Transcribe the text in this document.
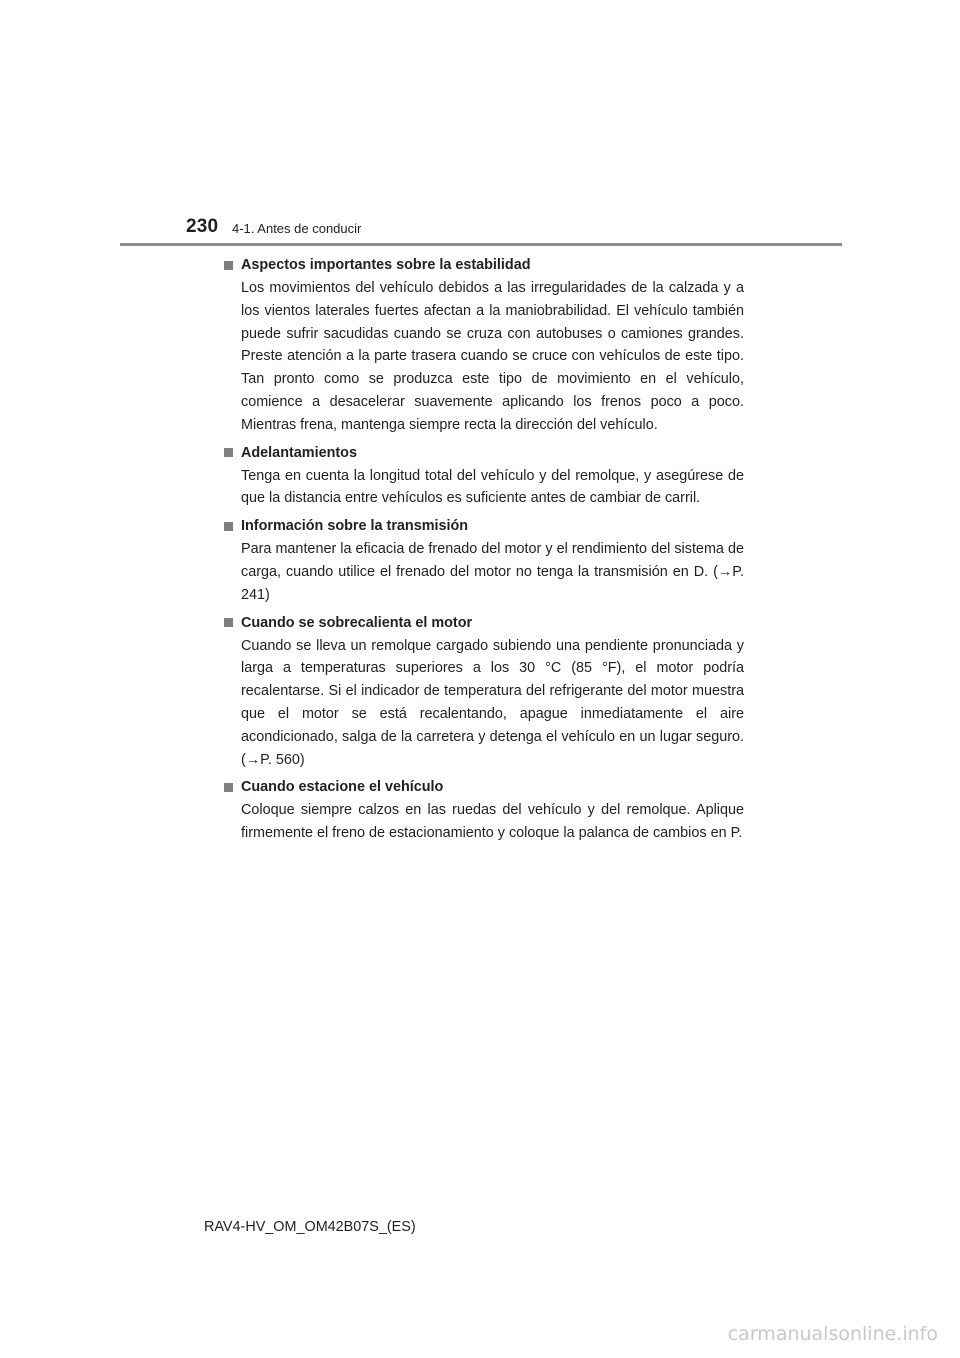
230 4-1. Antes de conducir
Aspectos importantes sobre la estabilidad

Los movimientos del vehículo debidos a las irregularidades de la calzada y a los vientos laterales fuertes afectan a la maniobrabilidad. El vehículo también puede sufrir sacudidas cuando se cruza con autobuses o camiones grandes. Preste atención a la parte trasera cuando se cruce con vehículos de este tipo. Tan pronto como se produzca este tipo de movimiento en el vehículo, comience a desacelerar suavemente aplicando los frenos poco a poco. Mientras frena, mantenga siempre recta la dirección del vehículo.

Adelantamientos

Tenga en cuenta la longitud total del vehículo y del remolque, y asegúrese de que la distancia entre vehículos es suficiente antes de cambiar de carril.

Información sobre la transmisión

Para mantener la eficacia de frenado del motor y el rendimiento del sistema de carga, cuando utilice el frenado del motor no tenga la transmisión en D. (→P. 241)

Cuando se sobrecalienta el motor

Cuando se lleva un remolque cargado subiendo una pendiente pronunciada y larga a temperaturas superiores a los 30 °C (85 °F), el motor podría recalentarse. Si el indicador de temperatura del refrigerante del motor muestra que el motor se está recalentando, apague inmediatamente el aire acondicionado, salga de la carretera y detenga el vehículo en un lugar seguro. (→P. 560)

Cuando estacione el vehículo

Coloque siempre calzos en las ruedas del vehículo y del remolque. Aplique firmemente el freno de estacionamiento y coloque la palanca de cambios en P.

RAV4-HV_OM_OM42B07S_(ES)
carmanualsonline.info
